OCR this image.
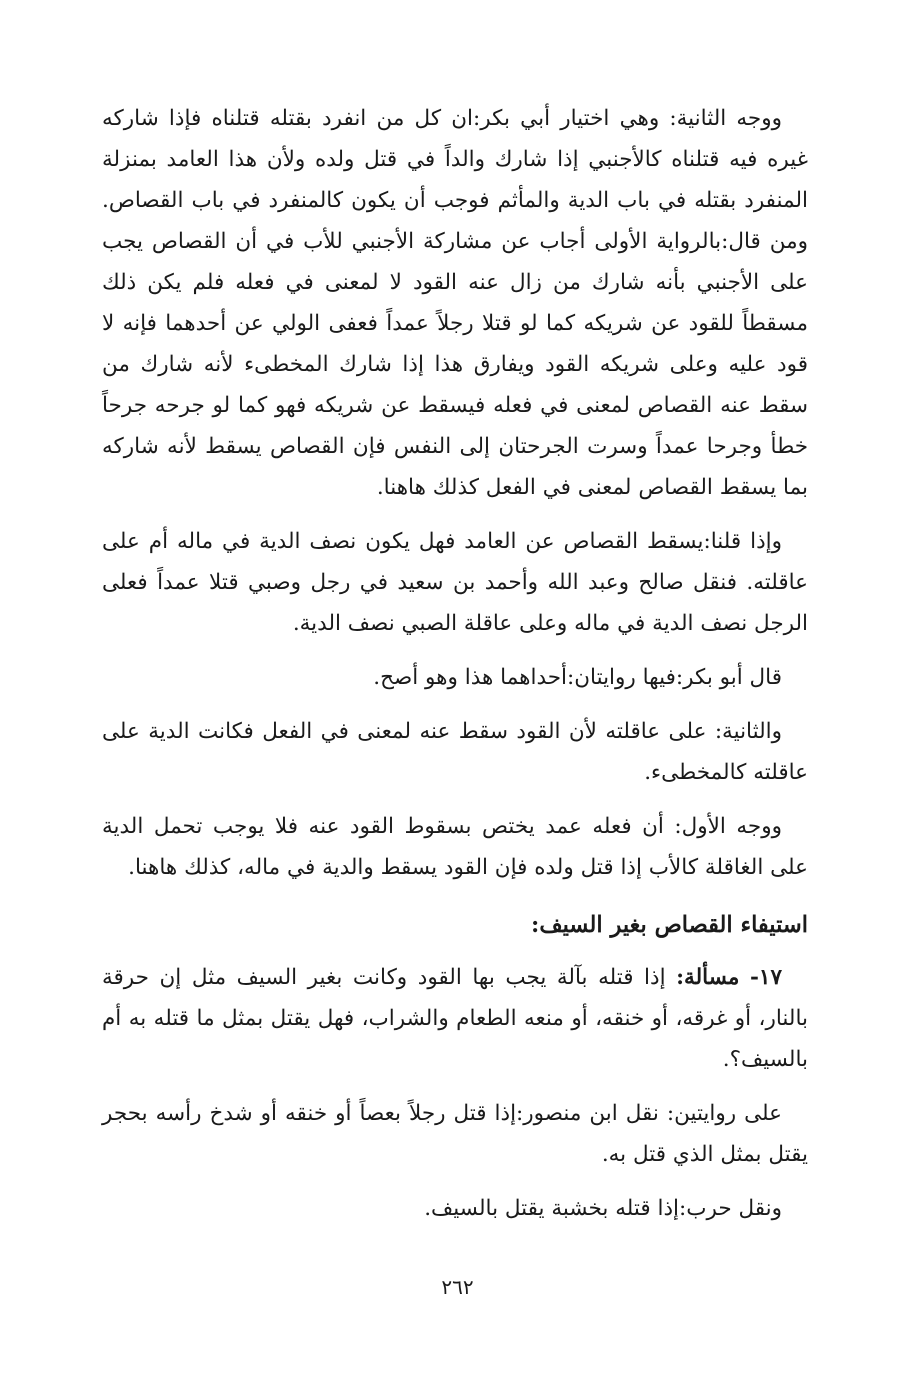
ووجه الثانية: وهي اختيار أبي بكر:ان كل من انفرد بقتله قتلناه فإذا شاركه غيره فيه قتلناه كالأجنبي إذا شارك والداً في قتل ولده ولأن هذا العامد بمنزلة المنفرد بقتله في باب الدية والمأثم فوجب أن يكون كالمنفرد في باب القصاص. ومن قال:بالرواية الأولى أجاب عن مشاركة الأجنبي للأب في أن القصاص يجب على الأجنبي بأنه شارك من زال عنه القود لا لمعنى في فعله فلم يكن ذلك مسقطاً للقود عن شريكه كما لو قتلا رجلاً عمداً فعفى الولي عن أحدهما فإنه لا قود عليه وعلى شريكه القود ويفارق هذا إذا شارك المخطىء لأنه شارك من سقط عنه القصاص لمعنى في فعله فيسقط عن شريكه فهو كما لو جرحه جرحاً خطأ وجرحا عمداً وسرت الجرحتان إلى النفس فإن القصاص يسقط لأنه شاركه بما يسقط القصاص لمعنى في الفعل كذلك هاهنا.

وإذا قلنا:يسقط القصاص عن العامد فهل يكون نصف الدية في ماله أم على عاقلته. فنقل صالح وعبد الله وأحمد بن سعيد في رجل وصبي قتلا عمداً فعلى الرجل نصف الدية في ماله وعلى عاقلة الصبي نصف الدية.

قال أبو بكر:فيها روايتان:أحداهما هذا وهو أصح.

والثانية: على عاقلته لأن القود سقط عنه لمعنى في الفعل فكانت الدية على عاقلته كالمخطىء.

ووجه الأول: أن فعله عمد يختص بسقوط القود عنه فلا يوجب تحمل الدية على الغاقلة كالأب إذا قتل ولده فإن القود يسقط والدية في ماله، كذلك هاهنا.

استيفاء القصاص بغير السيف:

١٧- مسألة: إذا قتله بآلة يجب بها القود وكانت بغير السيف مثل إن حرقة بالنار، أو غرقه، أو خنقه، أو منعه الطعام والشراب، فهل يقتل بمثل ما قتله به أم بالسيف؟.

على روايتين: نقل ابن منصور:إذا قتل رجلاً بعصاً أو خنقه أو شدخ رأسه بحجر يقتل بمثل الذي قتل به.

ونقل حرب:إذا قتله بخشبة يقتل بالسيف.

٢٦٢
